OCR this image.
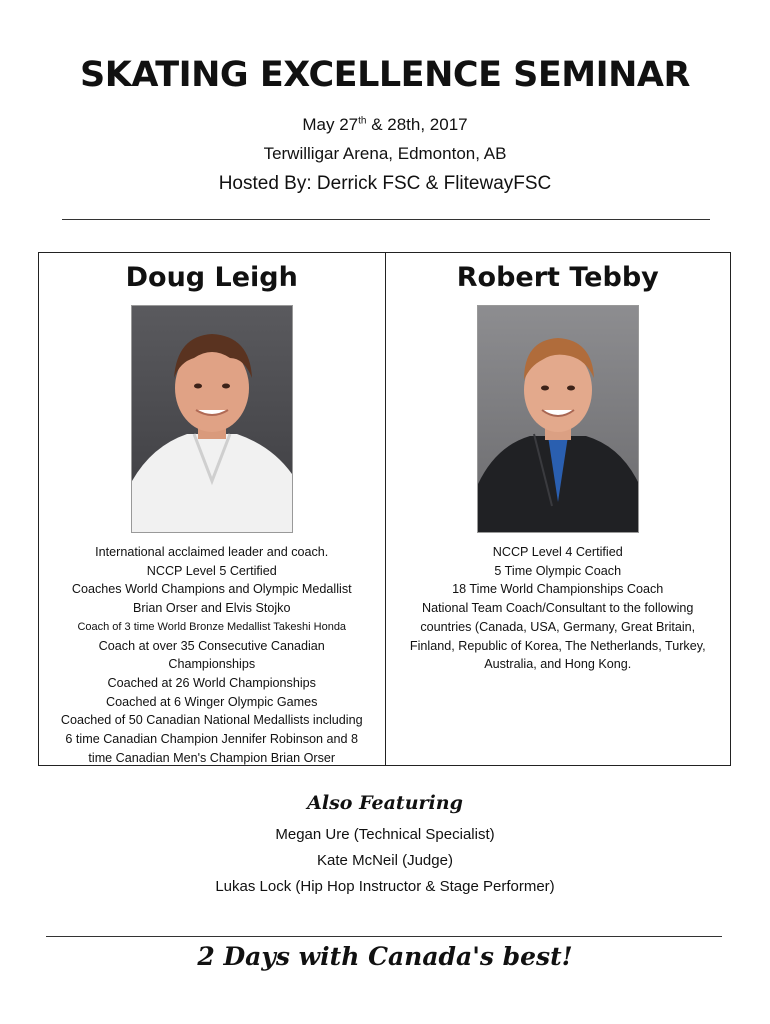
SKATING EXCELLENCE SEMINAR
May 27th & 28th, 2017
Terwilligar Arena, Edmonton, AB
Hosted By: Derrick FSC & FlitewayFSC
Doug Leigh
International acclaimed leader and coach.
NCCP Level 5 Certified
Coaches World Champions and Olympic Medallist
Brian Orser and Elvis Stojko
Coach of 3 time World Bronze Medallist Takeshi Honda
Coach at over 35 Consecutive Canadian
Championships
Coached at 26 World Championships
Coached at 6 Winger Olympic Games
Coached of 50 Canadian National Medallists including
6 time Canadian Champion Jennifer Robinson and 8
time Canadian Men's Champion Brian Orser
Robert Tebby
NCCP Level 4 Certified
5 Time Olympic Coach
18 Time World Championships Coach
National Team Coach/Consultant to the following
countries (Canada, USA, Germany, Great Britain,
Finland, Republic of Korea, The Netherlands, Turkey,
Australia, and Hong Kong.
Also Featuring
Megan Ure (Technical Specialist)
Kate McNeil (Judge)
Lukas Lock (Hip Hop Instructor & Stage Performer)
2 Days with Canada's best!
